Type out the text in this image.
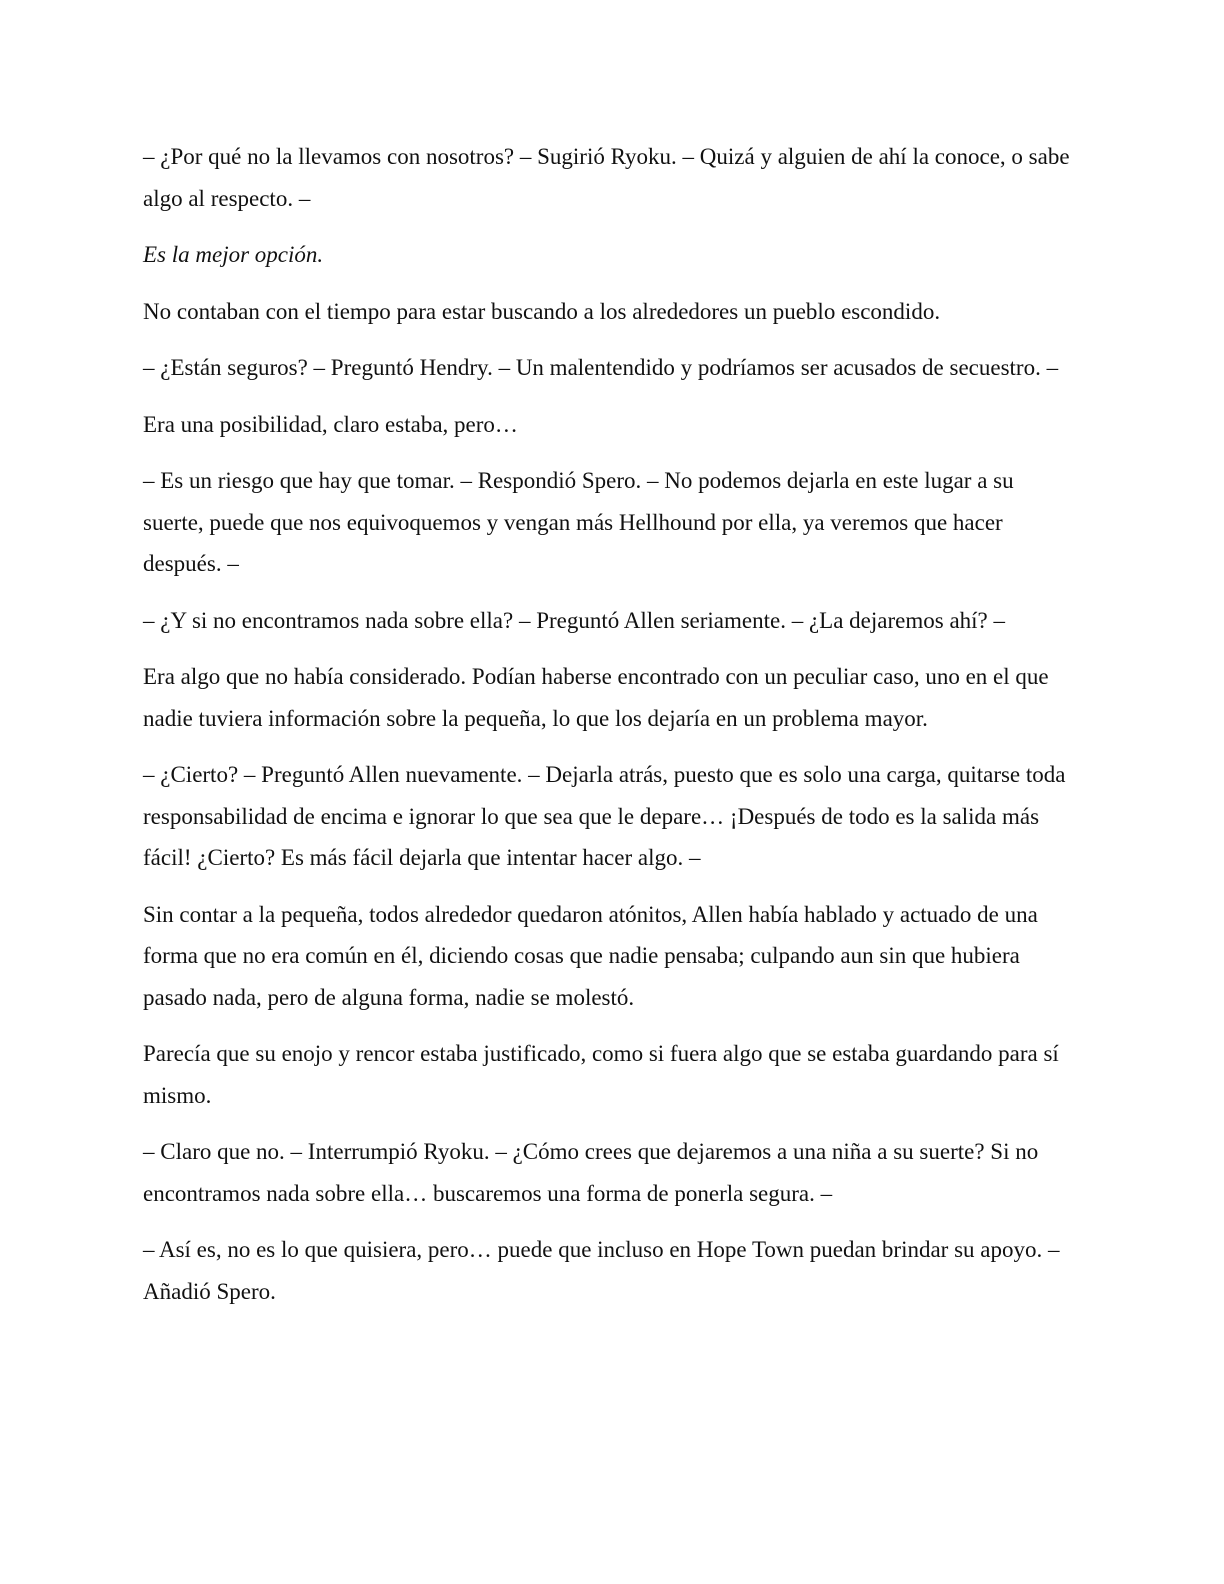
– ¿Por qué no la llevamos con nosotros? – Sugirió Ryoku. – Quizá y alguien de ahí la conoce, o sabe algo al respecto. –

Es la mejor opción.

No contaban con el tiempo para estar buscando a los alrededores un pueblo escondido.

– ¿Están seguros? – Preguntó Hendry. – Un malentendido y podríamos ser acusados de secuestro. –

Era una posibilidad, claro estaba, pero…

– Es un riesgo que hay que tomar. – Respondió Spero. – No podemos dejarla en este lugar a su suerte, puede que nos equivoquemos y vengan más Hellhound por ella, ya veremos que hacer después. –

– ¿Y si no encontramos nada sobre ella? – Preguntó Allen seriamente. – ¿La dejaremos ahí? –

Era algo que no había considerado. Podían haberse encontrado con un peculiar caso, uno en el que nadie tuviera información sobre la pequeña, lo que los dejaría en un problema mayor.

– ¿Cierto? – Preguntó Allen nuevamente. – Dejarla atrás, puesto que es solo una carga, quitarse toda responsabilidad de encima e ignorar lo que sea que le depare… ¡Después de todo es la salida más fácil! ¿Cierto? Es más fácil dejarla que intentar hacer algo. –

Sin contar a la pequeña, todos alrededor quedaron atónitos, Allen había hablado y actuado de una forma que no era común en él, diciendo cosas que nadie pensaba; culpando aun sin que hubiera pasado nada, pero de alguna forma, nadie se molestó.

Parecía que su enojo y rencor estaba justificado, como si fuera algo que se estaba guardando para sí mismo.

– Claro que no. – Interrumpió Ryoku. – ¿Cómo crees que dejaremos a una niña a su suerte? Si no encontramos nada sobre ella… buscaremos una forma de ponerla segura. –

– Así es, no es lo que quisiera, pero… puede que incluso en Hope Town puedan brindar su apoyo. – Añadió Spero.
